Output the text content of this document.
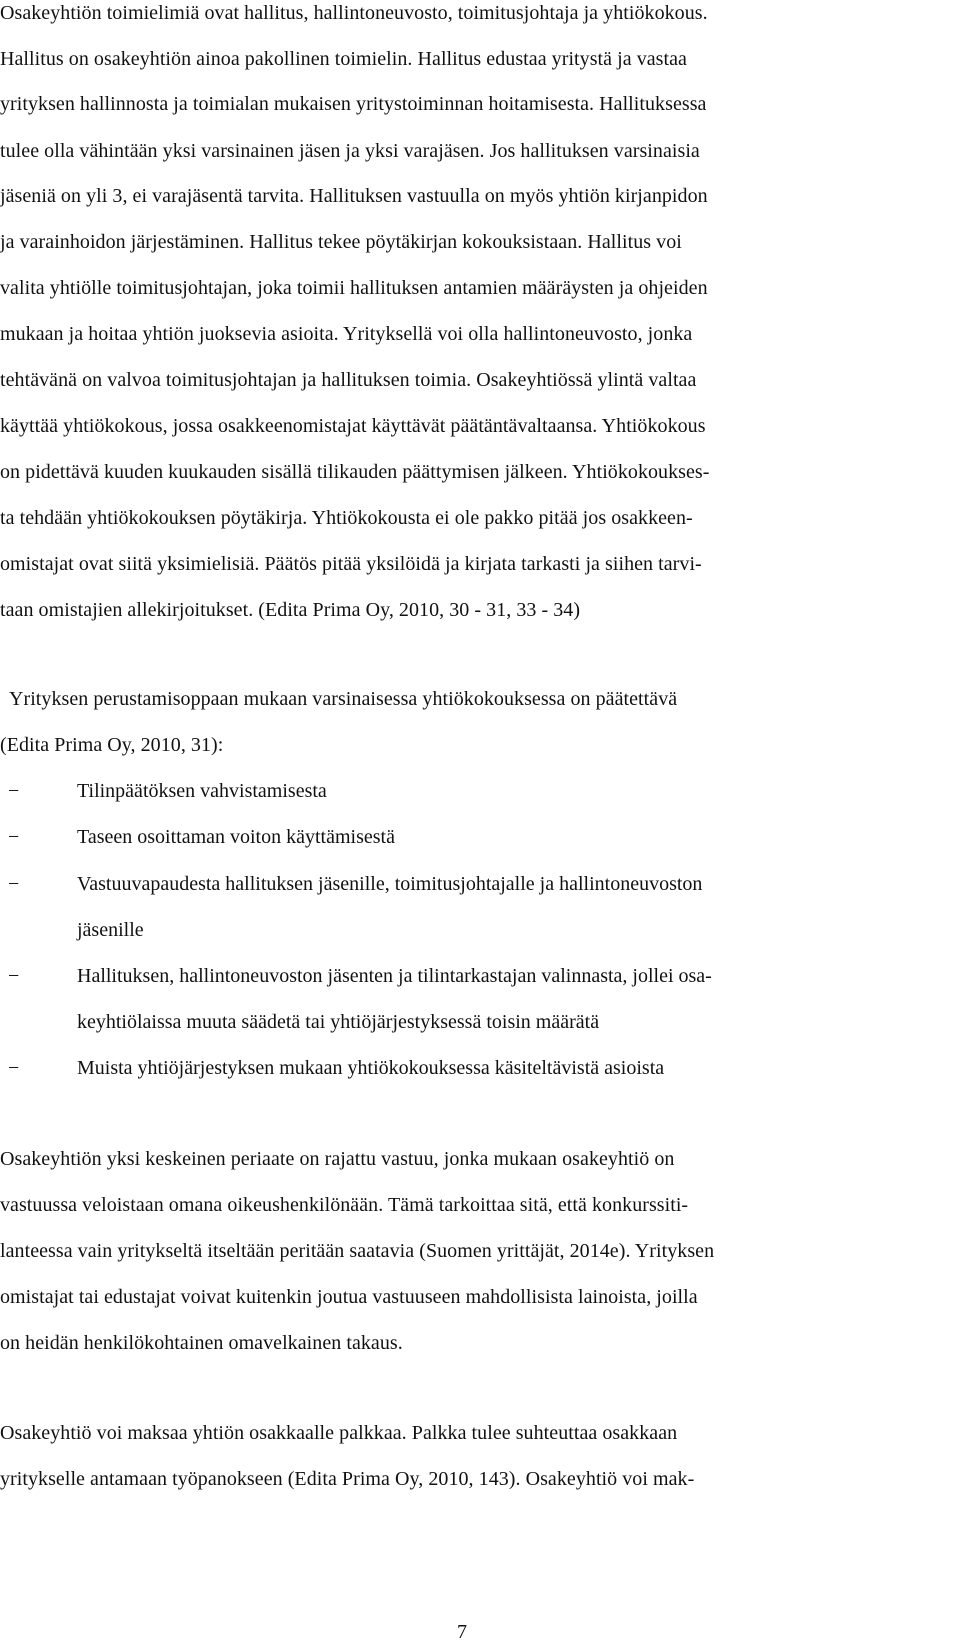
Osakeyhtiön toimielimiä ovat hallitus, hallintoneuvosto, toimitusjohtaja ja yhtiökokous.
Hallitus on osakeyhtiön ainoa pakollinen toimielin. Hallitus edustaa yritystä ja vastaa
yrityksen hallinnosta ja toimialan mukaisen yritystoiminnan hoitamisesta. Hallituksessa
tulee olla vähintään yksi varsinainen jäsen ja yksi varajäsen. Jos hallituksen varsinaisia
jäseniä on yli 3, ei varajäsentä tarvita. Hallituksen vastuulla on myös yhtiön kirjanpidon
ja varainhoidon järjestäminen. Hallitus tekee pöytäkirjan kokouksistaan. Hallitus voi
valita yhtiölle toimitusjohtajan, joka toimii hallituksen antamien määräysten ja ohjeiden
mukaan ja hoitaa yhtiön juoksevia asioita. Yrityksellä voi olla hallintoneuvosto, jonka
tehtävänä on valvoa toimitusjohtajan ja hallituksen toimia. Osakeyhtiössä ylintä valtaa
käyttää yhtiökokous, jossa osakkeenomistajat käyttävät päätäntävaltaansa. Yhtiökokous
on pidettävä kuuden kuukauden sisällä tilikauden päättymisen jälkeen. Yhtiökokoukses-
ta tehdään yhtiökokouksen pöytäkirja. Yhtiökokousta ei ole pakko pitää jos osakkeen-
omistajat ovat siitä yksimielisiä. Päätös pitää yksilöidä ja kirjata tarkasti ja siihen tarvi-
taan omistajien allekirjoitukset. (Edita Prima Oy, 2010, 30 - 31, 33 - 34)
Yrityksen perustamisoppaan mukaan varsinaisessa yhtiökokouksessa on päätettävä
(Edita Prima Oy, 2010, 31):
−	Tilinpäätöksen vahvistamisesta
−	Taseen osoittaman voiton käyttämisestä
−	Vastuuvapaudesta hallituksen jäsenille, toimitusjohtajalle ja hallintoneuvoston
jäsenille
−	Hallituksen, hallintoneuvoston jäsenten ja tilintarkastajan valinnasta, jollei osa-
keyhtiölaissa muuta säädetä tai yhtiöjärjestyksessä toisin määrätä
−	Muista yhtiöjärjestyksen mukaan yhtiökokouksessa käsiteltävistä asioista
Osakeyhtiön yksi keskeinen periaate on rajattu vastuu, jonka mukaan osakeyhtiö on
vastuussa veloistaan omana oikeushenkilönään. Tämä tarkoittaa sitä, että konkurssiti-
lanteessa vain yritykseltä itseltään peritään saatavia (Suomen yrittäjät, 2014e). Yrityksen
omistajat tai edustajat voivat kuitenkin joutua vastuuseen mahdollisista lainoista, joilla
on heidän henkilökohtainen omavelkainen takaus.
Osakeyhtiö voi maksaa yhtiön osakkaalle palkkaa. Palkka tulee suhteuttaa osakkaan
yritykselle antamaan työpanokseen (Edita Prima Oy, 2010, 143). Osakeyhtiö voi mak-
7
